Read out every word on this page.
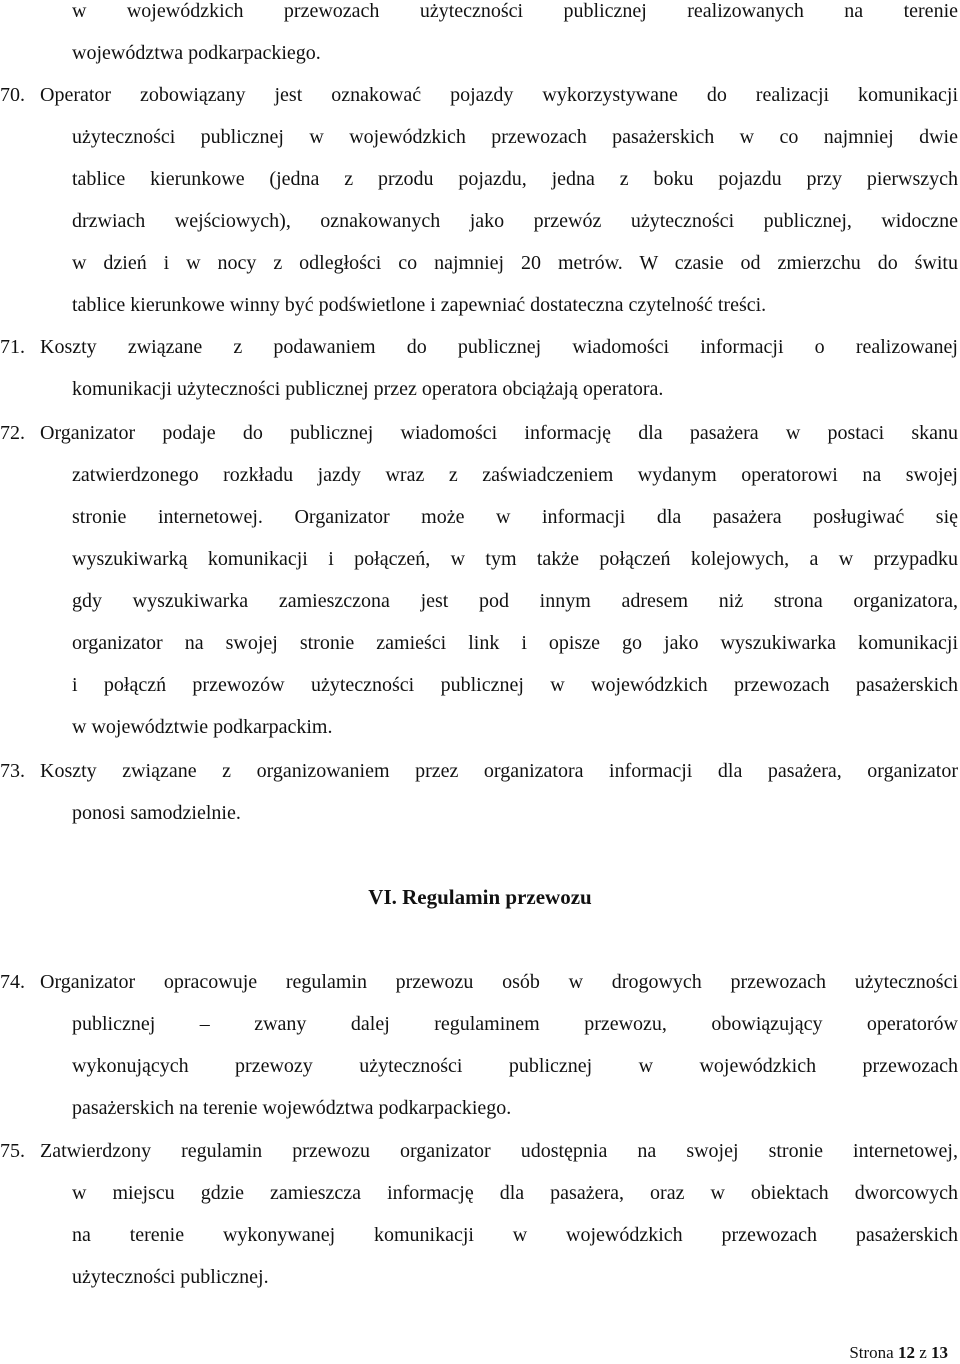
w wojewódzkich przewozach użyteczności publicznej realizowanych na terenie
województwa podkarpackiego.
70. Operator zobowiązany jest oznakować pojazdy wykorzystywane do realizacji komunikacji
użyteczności publicznej w wojewódzkich przewozach pasażerskich w co najmniej dwie
tablice kierunkowe (jedna z przodu pojazdu, jedna z boku pojazdu przy pierwszych
drzwiach wejściowych), oznakowanych jako przewóz użyteczności publicznej, widoczne
w dzień i w nocy z odległości co najmniej 20 metrów. W czasie od zmierzchu do świtu
tablice kierunkowe winny być podświetlone i zapewniać dostateczna czytelność treści.
71. Koszty związane z podawaniem do publicznej wiadomości informacji o realizowanej
komunikacji użyteczności publicznej przez operatora obciążają operatora.
72. Organizator podaje do publicznej wiadomości informację dla pasażera w postaci skanu
zatwierdzonego rozkładu jazdy wraz z zaświadczeniem wydanym operatorowi na swojej
stronie internetowej. Organizator może w informacji dla pasażera posługiwać się
wyszukiwarką komunikacji i połączeń, w tym także połączeń kolejowych, a w przypadku
gdy wyszukiwarka zamieszczona jest pod innym adresem niż strona organizatora,
organizator na swojej stronie zamieści link i opisze go jako wyszukiwarka komunikacji
i połączń przewozów użyteczności publicznej w wojewódzkich przewozach pasażerskich
w województwie podkarpackim.
73. Koszty związane z organizowaniem przez organizatora informacji dla pasażera, organizator
ponosi samodzielnie.
VI. Regulamin przewozu
74. Organizator opracowuje regulamin przewozu osób w drogowych przewozach użyteczności
publicznej – zwany dalej regulaminem przewozu, obowiązujący operatorów
wykonujących przewozy użyteczności publicznej w wojewódzkich przewozach
pasażerskich na terenie województwa podkarpackiego.
75. Zatwierdzony regulamin przewozu organizator udostępnia na swojej stronie internetowej,
w miejscu gdzie zamieszcza informację dla pasażera, oraz w obiektach dworcowych
na terenie wykonywanej komunikacji w wojewódzkich przewozach pasażerskich
użyteczności publicznej.
Strona 12 z 13
